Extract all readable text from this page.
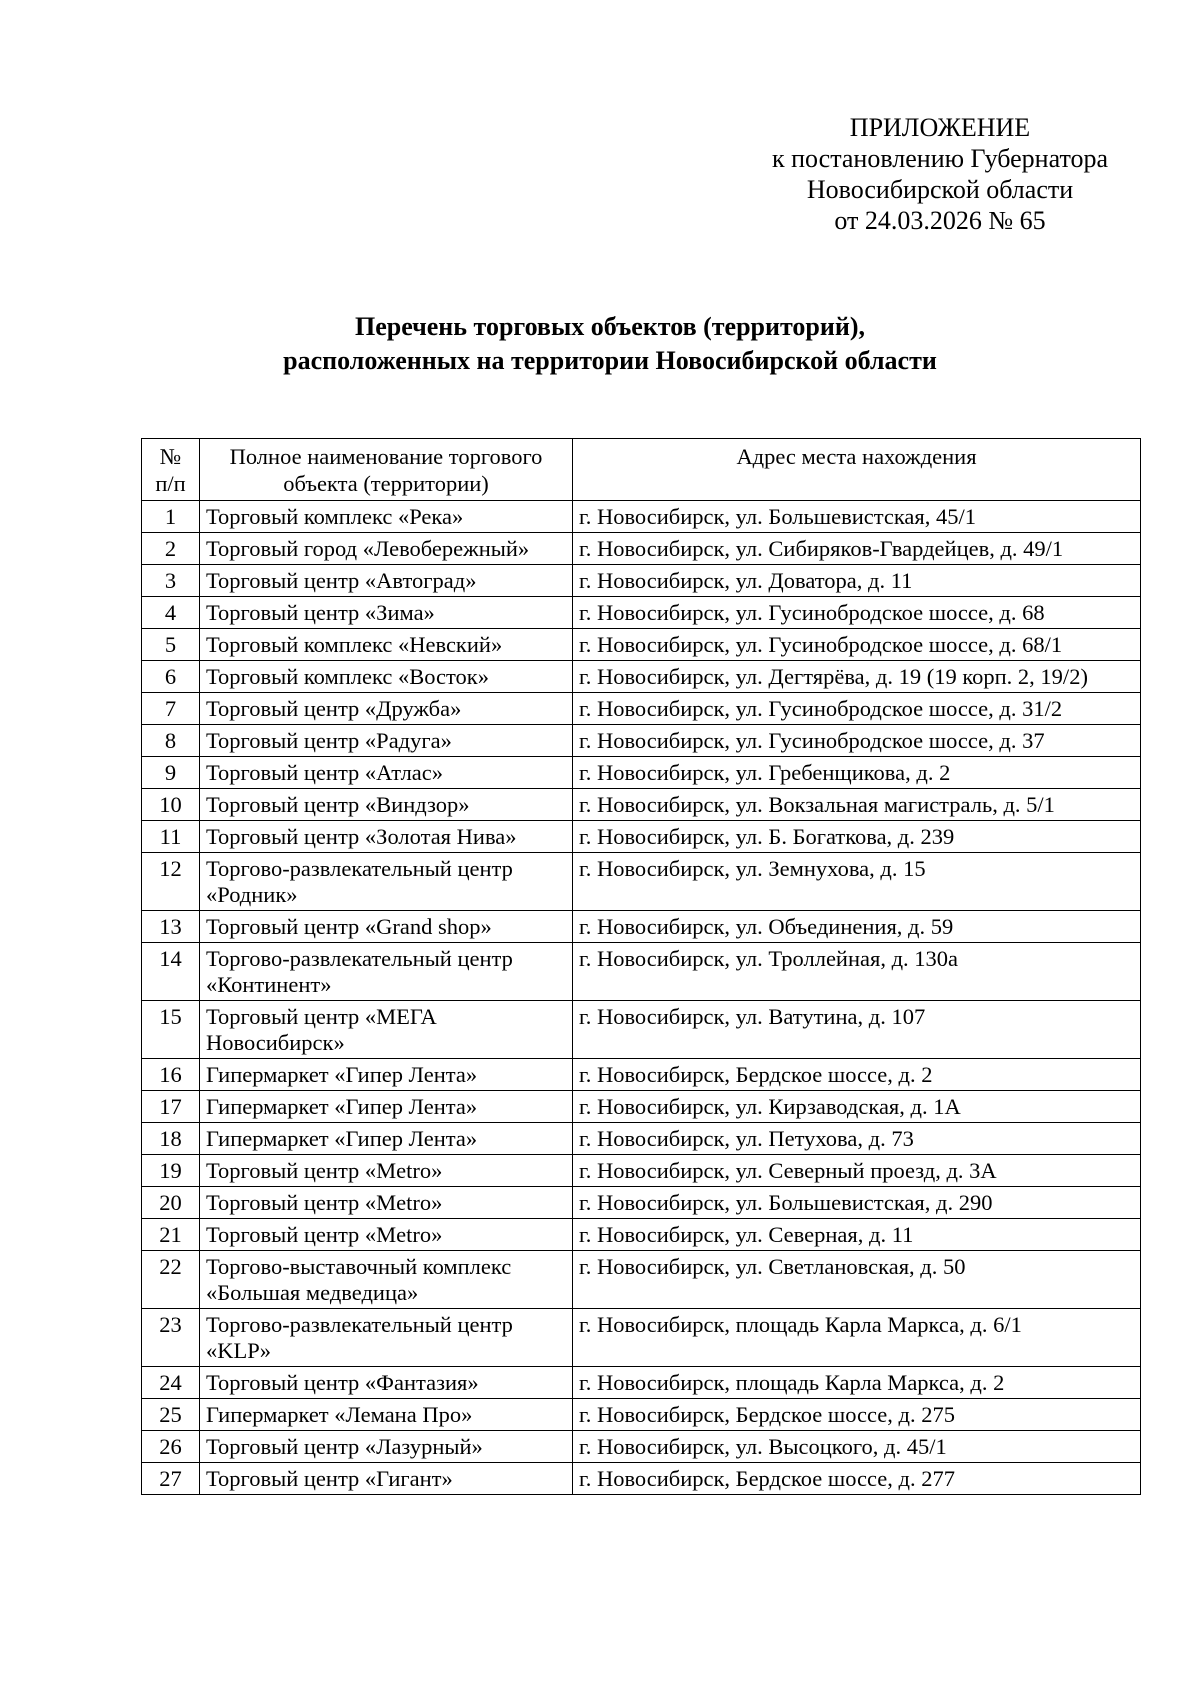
ПРИЛОЖЕНИЕ
к постановлению Губернатора
Новосибирской области
от 24.03.2026 № 65
Перечень торговых объектов (территорий),
расположенных на территории Новосибирской области
№ п/п	Полное наименование торгового объекта (территории)	Адрес места нахождения
1	Торговый комплекс «Река»	г. Новосибирск, ул. Большевистская, 45/1
2	Торговый город «Левобережный»	г. Новосибирск, ул. Сибиряков-Гвардейцев, д. 49/1
3	Торговый центр «Автоград»	г. Новосибирск, ул. Доватора, д. 11
4	Торговый центр «Зима»	г. Новосибирск, ул. Гусинобродское шоссе, д. 68
5	Торговый комплекс «Невский»	г. Новосибирск, ул. Гусинобродское шоссе, д. 68/1
6	Торговый комплекс «Восток»	г. Новосибирск, ул. Дегтярёва, д. 19 (19 корп. 2, 19/2)
7	Торговый центр «Дружба»	г. Новосибирск, ул. Гусинобродское шоссе, д. 31/2
8	Торговый центр «Радуга»	г. Новосибирск, ул. Гусинобродское шоссе, д. 37
9	Торговый центр «Атлас»	г. Новосибирск, ул. Гребенщикова, д. 2
10	Торговый центр «Виндзор»	г. Новосибирск, ул. Вокзальная магистраль, д. 5/1
11	Торговый центр «Золотая Нива»	г. Новосибирск, ул. Б. Богаткова, д. 239
12	Торгово-развлекательный центр «Родник»	г. Новосибирск, ул. Земнухова, д. 15
13	Торговый центр «Grand shop»	г. Новосибирск, ул. Объединения, д. 59
14	Торгово-развлекательный центр «Континент»	г. Новосибирск, ул. Троллейная, д. 130а
15	Торговый центр «МЕГА Новосибирск»	г. Новосибирск, ул. Ватутина, д. 107
16	Гипермаркет «Гипер Лента»	г. Новосибирск, Бердское шоссе, д. 2
17	Гипермаркет «Гипер Лента»	г. Новосибирск, ул. Кирзаводская, д. 1А
18	Гипермаркет «Гипер Лента»	г. Новосибирск, ул. Петухова, д. 73
19	Торговый центр «Metro»	г. Новосибирск, ул. Северный проезд, д. 3А
20	Торговый центр «Metro»	г. Новосибирск, ул. Большевистская, д. 290
21	Торговый центр «Metro»	г. Новосибирск, ул. Северная, д. 11
22	Торгово-выставочный комплекс «Большая медведица»	г. Новосибирск, ул. Светлановская, д. 50
23	Торгово-развлекательный центр «KLP»	г. Новосибирск, площадь Карла Маркса, д. 6/1
24	Торговый центр «Фантазия»	г. Новосибирск, площадь Карла Маркса, д. 2
25	Гипермаркет «Лемана Про»	г. Новосибирск, Бердское шоссе, д. 275
26	Торговый центр «Лазурный»	г. Новосибирск, ул. Высоцкого, д. 45/1
27	Торговый центр «Гигант»	г. Новосибирск, Бердское шоссе, д. 277
